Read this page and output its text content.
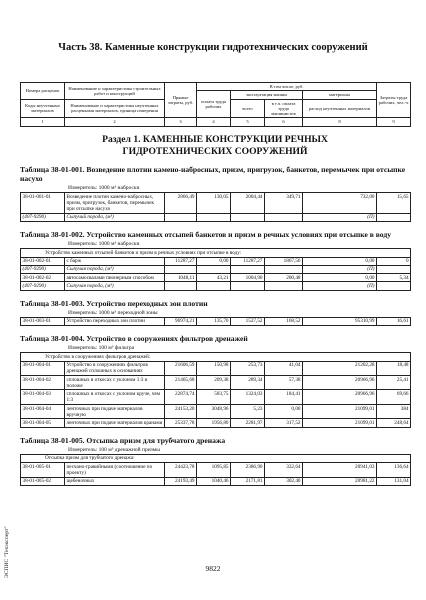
Часть 38. Каменные конструкции гидротехнических сооружений
Номера расценок	Наименование и характеристика строительных работ и конструкций	Прямые затраты, руб.	В том числе, руб.				Затраты труда рабочих, чел.-ч
			оплата труда рабочих	эксплуатация машин		материалы	
Коды неучтенных материалов	Наименование и характеристика неучтенных расценками материалов, единица измерения			всего	в т.ч. оплата труда машинистов	расход неучтенных материалов	

1	2	3	4	5	6	8	9
Раздел 1. КАМЕННЫЕ КОНСТРУКЦИИ РЕЧНЫХ
ГИДРОТЕХНИЧЕСКИХ СООРУЖЕНИЙ
Таблица 38-01-001. Возведение плотин камено-набросных, призм, пригрузок, банкетов, перемычек при отсыпке насухо
Измеритель: 1000 м³ наброски
38-01-001-01	Возведение плотин камено-набросных, призм, пригрузок, банкетов, перемычек при отсыпке насухо	2866,49	130,05	2004,44	349,71	732,00	15,65
(407-9290)	Сыпучий порода, (м³)					(П)	
Таблица 38-01-002. Устройство каменных отсыпей банкетов и призм в речных условиях при отсыпке в воду
Измеритель: 1000 м³ наброски
Устройство каменных отсыпей банкетов и призм в речных условиях при отсыпке в воду:							
38-01-002-01	с барж	11287,27	0,00	11287,27	1867,56	0,00	0
(407-9290)	Сыпучая порода, (м³)					(П)	
38-01-002-02	автосамосвалами пионерным способом	1048,11	43,21	1004,90	200,48	0,00	5,34
(407-9290)	Сыпучая порода, (м³)					(П)	
Таблица 38-01-003. Устройство переходных зон плотин
Измеритель: 1000 м³ переходной зоны
38-01-003-01	Устройство переходных зон плотин	96974,21	135,70	1527,52	168,52	95310,99	16,61
Таблица 38-01-004. Устройство в сооружениях фильтров дренажей
Измеритель: 100 м³ фильтра
Устройство в сооружениях фильтров дренажей:							
38-01-004-01	Устройство в сооружениях фильтров дренажей сплошных в основаниях	21606,59	150,98	253,73	41,04	21202,28	18,48
38-01-004-02	сплошных в откосах с уклоном 1:3 и положе	21465,68	209,38	289,34	57,38	20966,96	25,41
38-01-004-03	сплошных в откосах с уклоном круче, чем 1:3	22874,74	583,75	1324,03	184,41	20966,96	69,66
38-01-004-04	ленточных при подаче материалов вручную	24153,20	3048,96	5,23	0,00	21099,01	384
38-01-004-05	ленточных при подаче материалов кранами	25337,78	1956,80	2281,97	317,52	21099,01	248,64
Таблица 38-01-005. Отсыпка призм для трубчатого дренажа
Измеритель: 100 м³ дренажной призмы
Отсыпка призм для трубчатого дренажа:							
38-01-005-01	песчано-гравийными (соотношение по проекту)	24423,78	1095,85	2386,90	332,64	20941,03	136,64
38-01-005-02	щебеночных	24193,49	1040,46	2171,81	302,40	20981,22	131,04
ЭСПИС "Техэксперт"	9822
